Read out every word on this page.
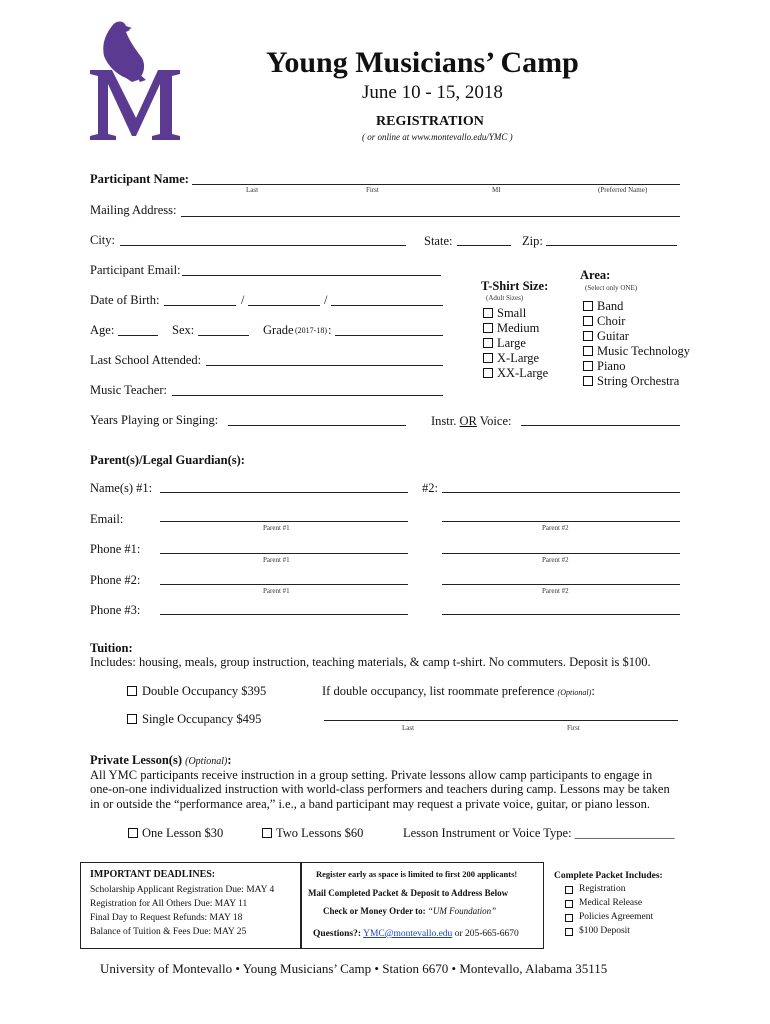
Young Musicians’ Camp
June 10 - 15, 2018
REGISTRATION
( or online at www.montevallo.edu/YMC )
Participant Name:
Last	First	MI	(Preferred Name)
Mailing Address:
City:	State:	Zip:
Participant Email:
Date of Birth:	/	/
Age:	Sex:	Grade (2017-18) :
Last School Attended:
Music Teacher:
Years Playing or Singing:	Instr. OR Voice:
T-Shirt Size:
(Adult Sizes)
Small
Medium
Large
X-Large
XX-Large
Area:
(Select only ONE)
Band
Choir
Guitar
Music Technology
Piano
String Orchestra
Parent(s)/Legal Guardian(s):
Name(s) #1:	#2:
Email:
Parent #1	Parent #2
Phone #1:
Parent #1	Parent #2
Phone #2:
Parent #1	Parent #2
Phone #3:
Tuition:
Includes: housing, meals, group instruction, teaching materials, & camp t-shirt. No commuters. Deposit is $100.
Double Occupancy $395	If double occupancy, list roommate preference (Optional):
Single Occupancy $495
Last	First
Private Lesson(s) (Optional):
All YMC participants receive instruction in a group setting. Private lessons allow camp participants to engage in
one-on-one individualized instruction with world-class performers and teachers during camp. Lessons may be taken
in or outside the “performance area,” i.e., a band participant may request a private voice, guitar, or piano lesson.
One Lesson $30	Two Lessons $60	Lesson Instrument or Voice Type: ________________
IMPORTANT DEADLINES:
Scholarship Applicant Registration Due: MAY 4
Registration for All Others Due: MAY 11
Final Day to Request Refunds: MAY 18
Balance of Tuition & Fees Due: MAY 25
Register early as space is limited to first 200 applicants!
Mail Completed Packet & Deposit to Address Below
Check or Money Order to: “UM Foundation”
Questions?: YMC@montevallo.edu or 205-665-6670
Complete Packet Includes:
Registration
Medical Release
Policies Agreement
$100 Deposit
University of Montevallo • Young Musicians’ Camp • Station 6670 • Montevallo, Alabama 35115
